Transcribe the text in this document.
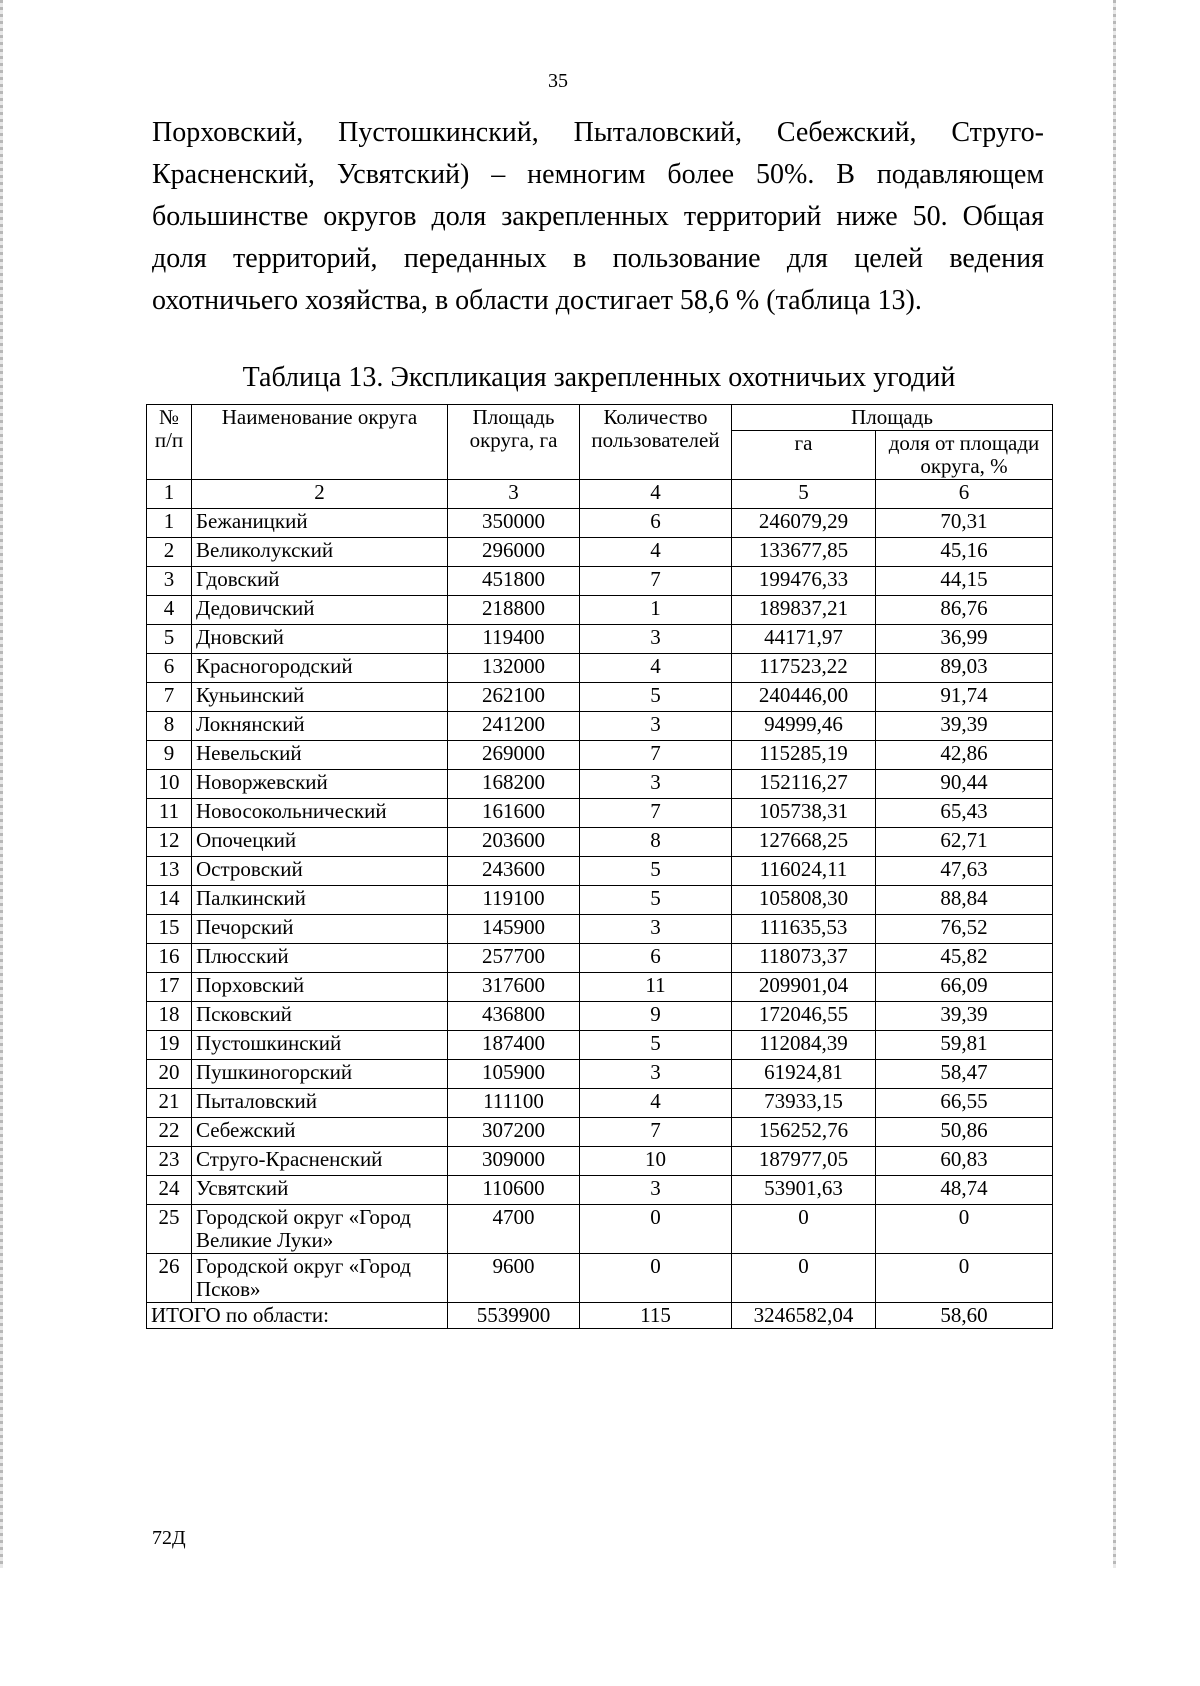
35
Порховский, Пустошкинский, Пыталовский, Себежский, Струго-
Красненский, Усвятский) – немногим более 50%. В подавляющем
большинстве округов доля закрепленных территорий ниже 50. Общая
доля территорий, переданных в пользование для целей ведения
охотничьего хозяйства, в области достигает 58,6 % (таблица 13).
Таблица 13. Экспликация закрепленных охотничьих угодий
№ п/п	Наименование округа	Площадь округа, га	Количество пользователей	Площадь	
				га	доля от площади округа, %
1	2	3	4	5	6
1	Бежаницкий	350000	6	246079,29	70,31
2	Великолукский	296000	4	133677,85	45,16
3	Гдовский	451800	7	199476,33	44,15
4	Дедовичский	218800	1	189837,21	86,76
5	Дновский	119400	3	44171,97	36,99
6	Красногородский	132000	4	117523,22	89,03
7	Куньинский	262100	5	240446,00	91,74
8	Локнянский	241200	3	94999,46	39,39
9	Невельский	269000	7	115285,19	42,86
10	Новоржевский	168200	3	152116,27	90,44
11	Новосокольнический	161600	7	105738,31	65,43
12	Опочецкий	203600	8	127668,25	62,71
13	Островский	243600	5	116024,11	47,63
14	Палкинский	119100	5	105808,30	88,84
15	Печорский	145900	3	111635,53	76,52
16	Плюсский	257700	6	118073,37	45,82
17	Порховский	317600	11	209901,04	66,09
18	Псковский	436800	9	172046,55	39,39
19	Пустошкинский	187400	5	112084,39	59,81
20	Пушкиногорский	105900	3	61924,81	58,47
21	Пыталовский	111100	4	73933,15	66,55
22	Себежский	307200	7	156252,76	50,86
23	Струго-Красненский	309000	10	187977,05	60,83
24	Усвятский	110600	3	53901,63	48,74
25	Городской округ «Город Великие Луки»	4700	0	0	0
26	Городской округ «Город Псков»	9600	0	0	0
ИТОГО по области:		5539900	115	3246582,04	58,60
72Д
